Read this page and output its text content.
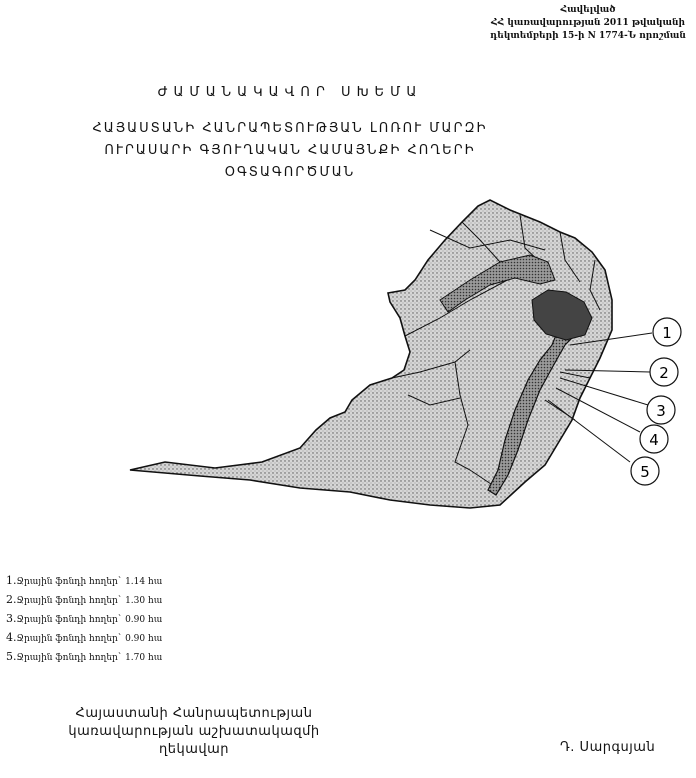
Հավելված
ՀՀ կառավարության 2011 թվականի
դեկտեմբերի 15-ի N 1774-Ն որոշման
ԺԱՄԱՆԱԿԱՎՈՐ ՍԽԵՄԱ
ՀԱՅԱՍՏԱՆԻ ՀԱՆՐԱՊԵՏՈՒԹՅԱՆ ԼՈՌՈՒ ՄԱՐԶԻ
ՈՒՐԱՍԱՐԻ ԳՅՈՒՂԱԿԱՆ ՀԱՄԱՅՆՔԻ ՀՈՂԵՐԻ
ՕԳՏԱԳՈՐԾՄԱՆ
1
2
3
4
5
1.Ջրային ֆոնդի հողեր՝ 1.14 հա
2.Ջրային ֆոնդի հողեր՝ 1.30 հա
3.Ջրային ֆոնդի հողեր՝ 0.90 հա
4.Ջրային ֆոնդի հողեր՝ 0.90 հա
5.Ջրային ֆոնդի հողեր՝ 1.70 հա
Հայաստանի Հանրապետության
կառավարության աշխատակազմի
ղեկավար	Դ. Սարգսյան
